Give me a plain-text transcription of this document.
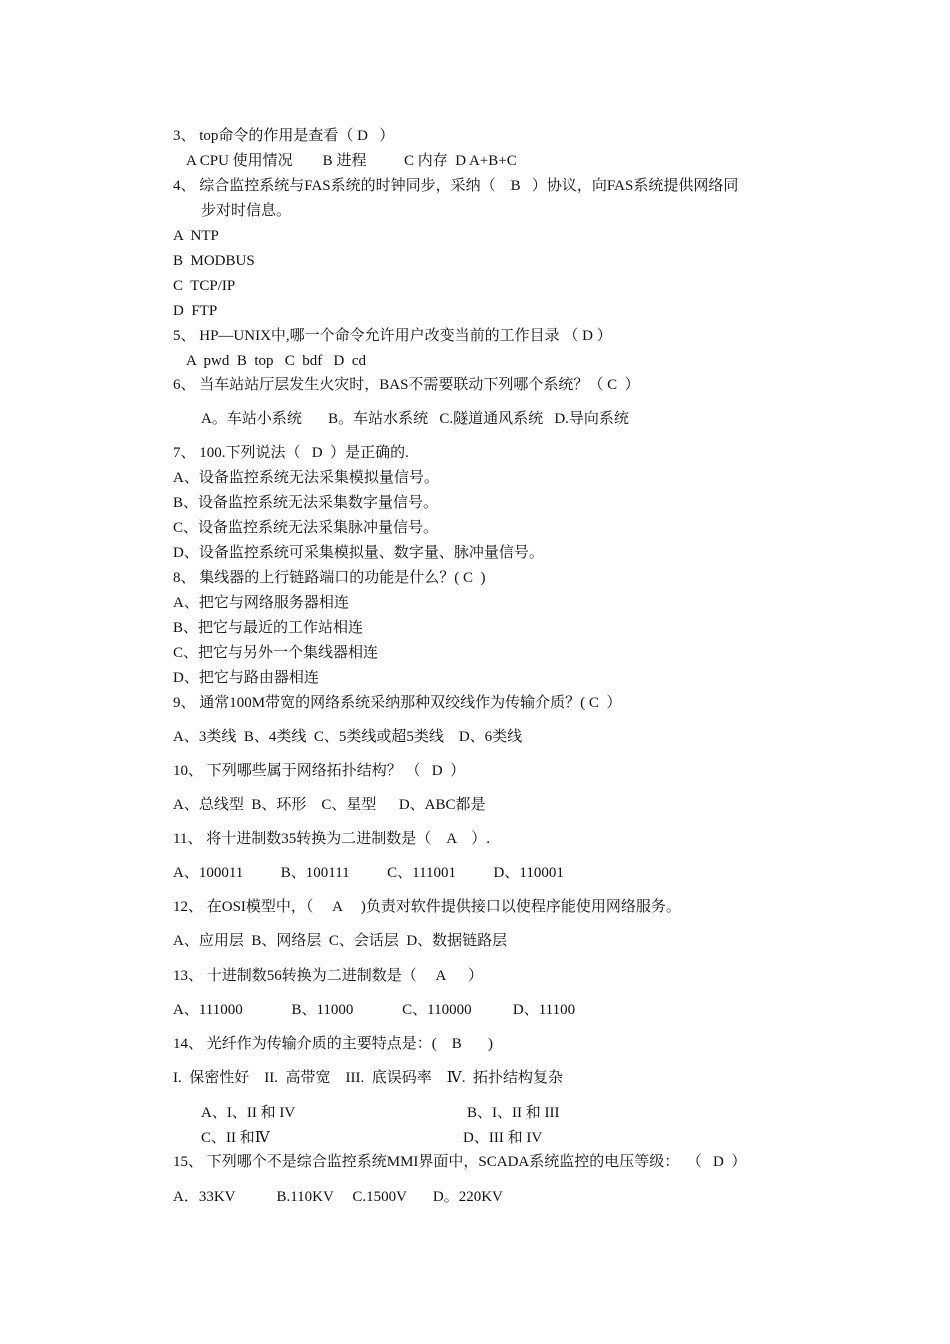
3、 top命令的作用是查看（ D   ）
A CPU 使用情况        B 进程          C 内存  D A+B+C
4、 综合监控系统与FAS系统的时钟同步，采纳（    B   ）协议，向FAS系统提供网络同
步对时信息。
A  NTP
B  MODBUS
C  TCP/IP
D  FTP
5、 HP—UNIX中,哪一个命令允许用户改变当前的工作目录 （ D ）
A  pwd  B  top   C  bdf   D  cd
6、 当车站站厅层发生火灾时，BAS不需要联动下列哪个系统？（ C  ）
A。车站小系统       B。车站水系统   C.隧道通风系统   D.导向系统
7、 100.下列说法（   D  ）是正确的.
A、设备监控系统无法采集模拟量信号。
B、设备监控系统无法采集数字量信号。
C、设备监控系统无法采集脉冲量信号。
D、设备监控系统可采集模拟量、数字量、脉冲量信号。
8、 集线器的上行链路端口的功能是什么？( C  )
A、把它与网络服务器相连
B、把它与最近的工作站相连
C、把它与另外一个集线器相连
D、把它与路由器相连
9、 通常100M带宽的网络系统采纳那种双绞线作为传输介质？( C  ）
A、3类线  B、4类线  C、5类线或超5类线    D、6类线
10、 下列哪些属于网络拓扑结构？ （   D  ）
A、总线型  B、环形    C、星型      D、ABC都是
11、 将十进制数35转换为二进制数是（    A    ）.
A、100011          B、100111          C、111001          D、110001
12、 在OSI模型中，（     A     )负责对软件提供接口以使程序能使用网络服务。
A、应用层  B、网络层  C、会话层  D、数据链路层
13、 十进制数56转换为二进制数是（     A      ）
A、111000             B、11000             C、110000           D、11100
14、 光纤作为传输介质的主要特点是：(    B       )
I.  保密性好    II.  高带宽    III.  底误码率    Ⅳ.  拓扑结构复杂
A、I、II 和 IV	B、I、II 和 III
C、II 和Ⅳ	D、III 和 IV
15、 下列哪个不是综合监控系统MMI界面中，SCADA系统监控的电压等级：  （   D  ）
A．33KV           B.110KV     C.1500V       D。220KV
